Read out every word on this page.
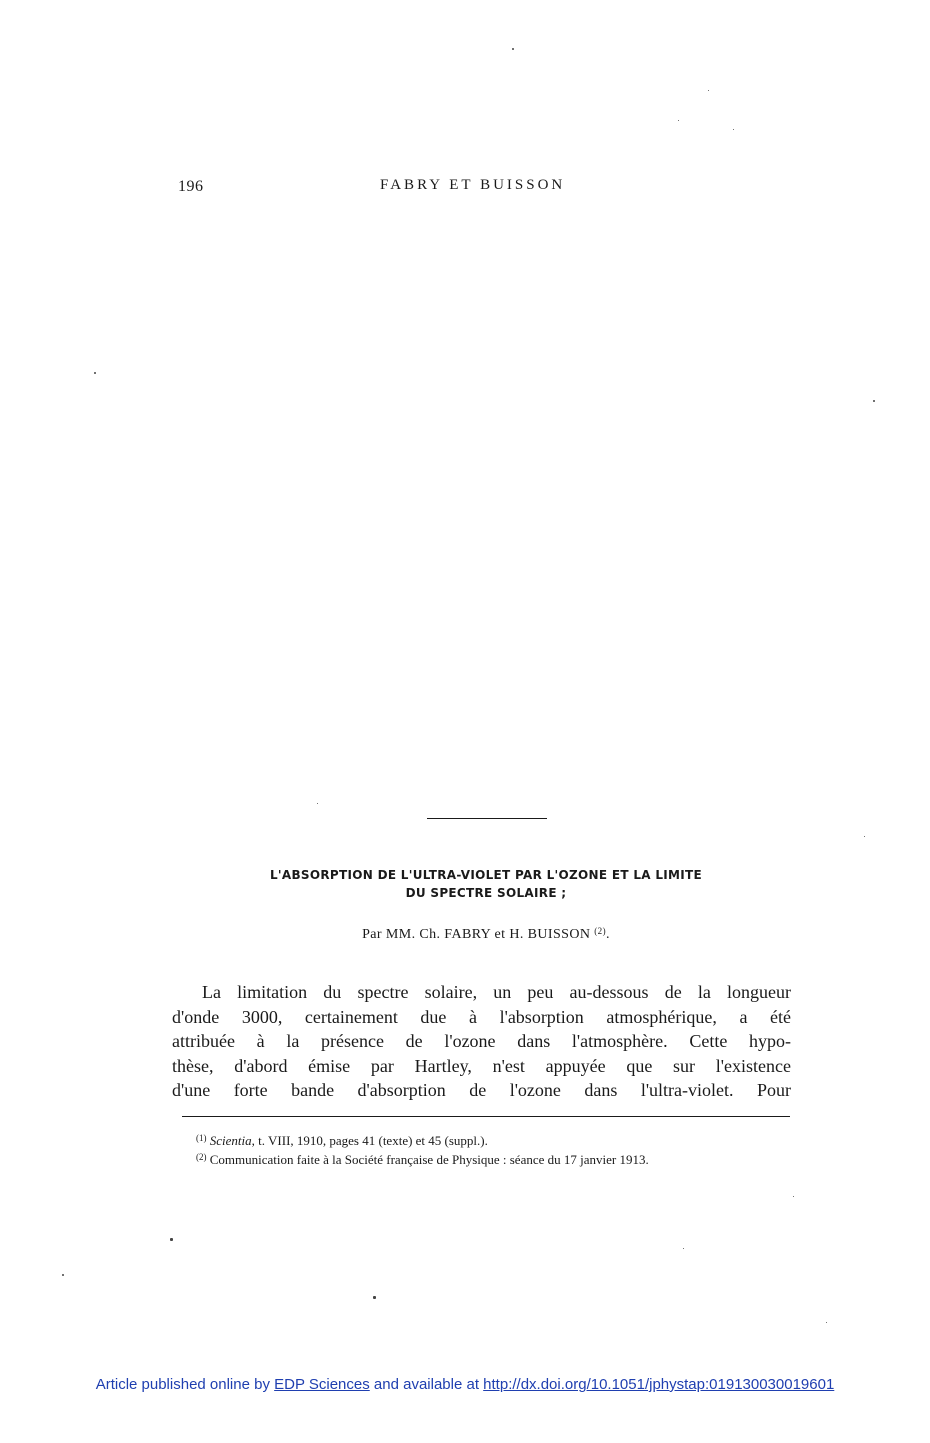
196	FABRY ET BUISSON
L'ABSORPTION DE L'ULTRA-VIOLET PAR L'OZONE ET LA LIMITE
DU SPECTRE SOLAIRE ;
Par MM. Ch. FABRY et H. BUISSON $^{(2)}$.
La limitation du spectre solaire, un peu au-dessous de la longueur
d'onde 3000, certainement due à l'absorption atmosphérique, a été
attribuée à la présence de l'ozone dans l'atmosphère. Cette hypo-
thèse, d'abord émise par Hartley, n'est appuyée que sur l'existence
d'une forte bande d'absorption de l'ozone dans l'ultra-violet. Pour
$^{(1)}$ Scientia, t. VIII, 1910, pages 41 (texte) et 45 (suppl.).
$^{(2)}$ Communication faite à la Société française de Physique : séance du 17 janvier 1913.
Article published online by EDP Sciences and available at http://dx.doi.org/10.1051/jphystap:019130030019601
